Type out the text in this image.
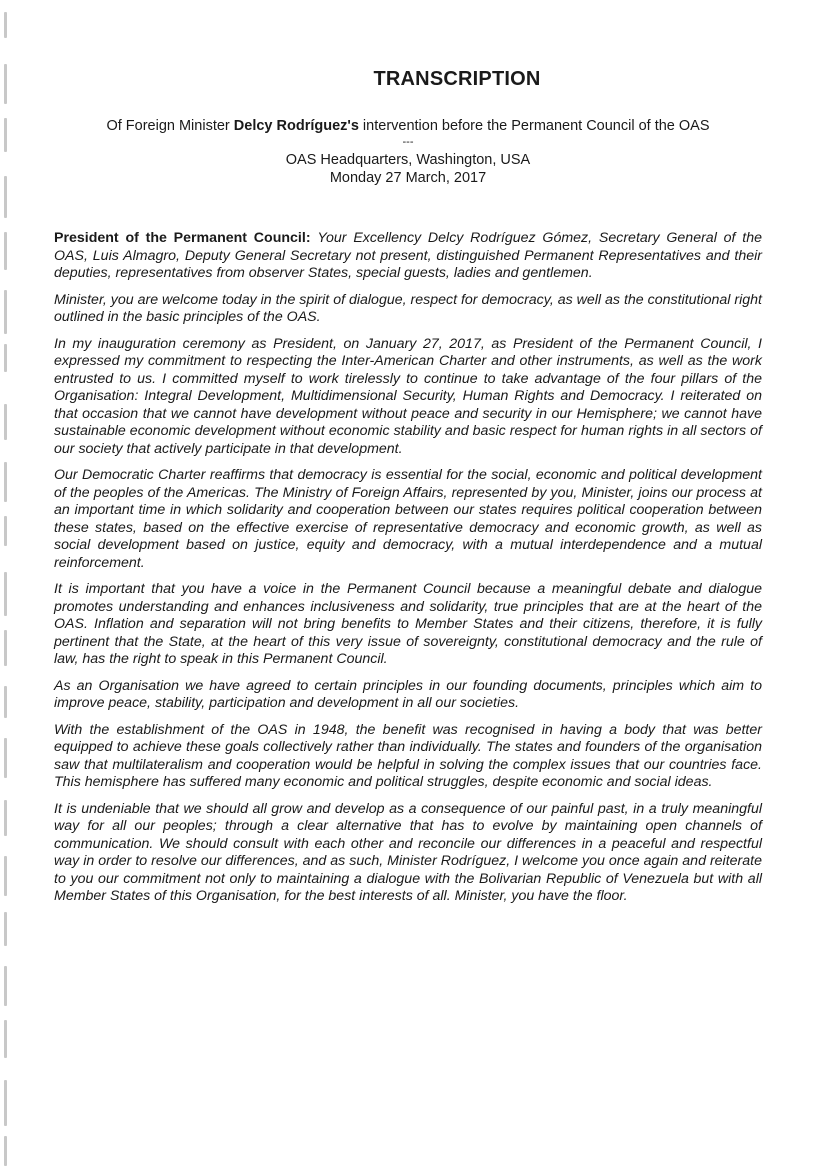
TRANSCRIPTION

Of Foreign Minister Delcy Rodríguez's intervention before the Permanent Council of the OAS

---

OAS Headquarters, Washington, USA

Monday 27 March, 2017

President of the Permanent Council: Your Excellency Delcy Rodríguez Gómez, Secretary General of the OAS, Luis Almagro, Deputy General Secretary not present, distinguished Permanent Representatives and their deputies, representatives from observer States, special guests, ladies and gentlemen.

Minister, you are welcome today in the spirit of dialogue, respect for democracy, as well as the constitutional right outlined in the basic principles of the OAS.

In my inauguration ceremony as President, on January 27, 2017, as President of the Permanent Council, I expressed my commitment to respecting the Inter-American Charter and other instruments, as well as the work entrusted to us. I committed myself to work tirelessly to continue to take advantage of the four pillars of the Organisation: Integral Development, Multidimensional Security, Human Rights and Democracy. I reiterated on that occasion that we cannot have development without peace and security in our Hemisphere; we cannot have sustainable economic development without economic stability and basic respect for human rights in all sectors of our society that actively participate in that development.

Our Democratic Charter reaffirms that democracy is essential for the social, economic and political development of the peoples of the Americas. The Ministry of Foreign Affairs, represented by you, Minister, joins our process at an important time in which solidarity and cooperation between our states requires political cooperation between these states, based on the effective exercise of representative democracy and economic growth, as well as social development based on justice, equity and democracy, with a mutual interdependence and a mutual reinforcement.

It is important that you have a voice in the Permanent Council because a meaningful debate and dialogue promotes understanding and enhances inclusiveness and solidarity, true principles that are at the heart of the OAS. Inflation and separation will not bring benefits to Member States and their citizens, therefore, it is fully pertinent that the State, at the heart of this very issue of sovereignty, constitutional democracy and the rule of law, has the right to speak in this Permanent Council.

As an Organisation we have agreed to certain principles in our founding documents, principles which aim to improve peace, stability, participation and development in all our societies.

With the establishment of the OAS in 1948, the benefit was recognised in having a body that was better equipped to achieve these goals collectively rather than individually. The states and founders of the organisation saw that multilateralism and cooperation would be helpful in solving the complex issues that our countries face. This hemisphere has suffered many economic and political struggles, despite economic and social ideas.

It is undeniable that we should all grow and develop as a consequence of our painful past, in a truly meaningful way for all our peoples; through a clear alternative that has to evolve by maintaining open channels of communication. We should consult with each other and reconcile our differences in a peaceful and respectful way in order to resolve our differences, and as such, Minister Rodríguez, I welcome you once again and reiterate to you our commitment not only to maintaining a dialogue with the Bolivarian Republic of Venezuela but with all Member States of this Organisation, for the best interests of all. Minister, you have the floor.
